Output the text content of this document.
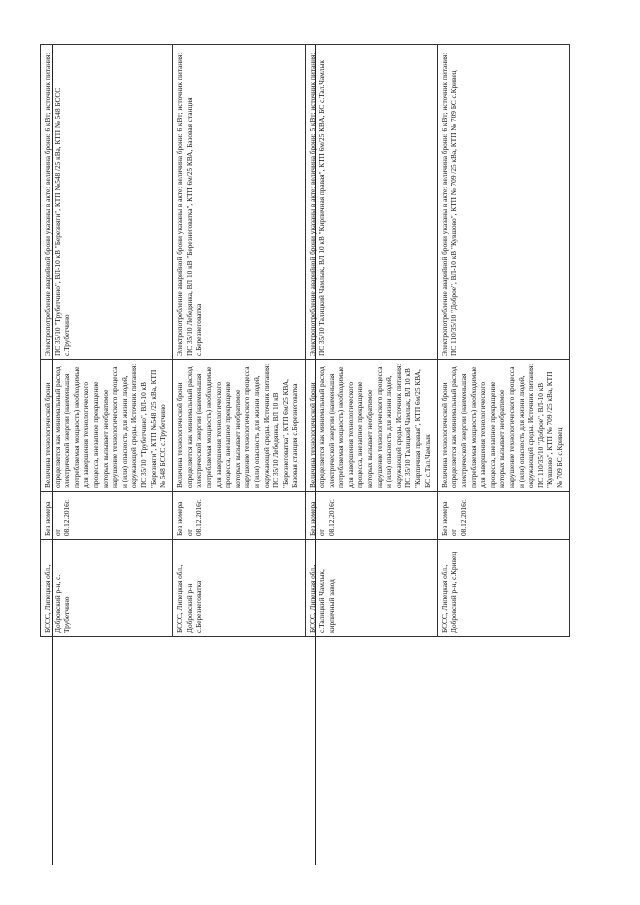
БССС, Липецкая обл., Добровский р-н, с. Трубетчино	Без номера от 08.12.2016г.	Величина технологической брони определяется как минимальный расход электрической энергии (наименьшая потребляемая мощность) необходимые для завершения технологического процесса, внезапное прекращение которых вызывает необратимое нарушение технологического процесса и (или) опасность для жизни людей, окружающей среды. Источник питания: ПС 35/10 "Трубетчино", ВЛ-10 кВ "Березняги", КТП №548 /25 кВа, КТП № 548 БССС с.Трубетчино	Электропотребление аварийной брони указаны в акте: величина брони: 6 кВт; источник питания: ПС 35/10 "Трубетчино", ВЛ-10 кВ "Березняги", КТП №548 /25 кВа, КТП № 548 БССС с.Трубетчино
БССС, Липецкая обл., Добровский р-н с.Березнеговатка	Без номера от 08.12.2016г.	Величина технологической брони определяется как минимальный расход электрической энергии (наименьшая потребляемая мощность) необходимые для завершения технологического процесса, внезапное прекращение которых вызывает необратимое нарушение технологического процесса и (или) опасность для жизни людей, окружающей среды. Источник питания: ПС 35/10 Лебедянка, ВЛ 10 кВ "Березнеговатка", КТП 6м/25 КВА, Базовая станция с.Березнеговатка	Электропотребление аварийной брони указаны в акте: величина брони: 6 кВт; источник питания: ПС 35/10 Лебедянка, ВЛ 10 кВ "Березнеговатка", КТП 6м/25 КВА, Базовая станция с.Березнеговатка
БССС, Липецкая обл., с.Талицкий Чамлык, кирпичный завод	Без номера от 08.12.2016г.	Величина технологической брони определяется как минимальный расход электрической энергии (наименьшая потребляемая мощность) необходимые для завершения технологического процесса, внезапное прекращение которых вызывает необратимое нарушение технологического процесса и (или) опасность для жизни людей, окружающей среды. Источник питания: ПС 35/10 Талицкий Чамлык, ВЛ 10 кВ "Кирпичная правая", КТП 6м/25 КВА, БС с.Тал.Чамлык	Электропотребление аварийной брони указаны в акте: величина брони: 5 кВт; источник питания: ПС 35/10 Талицкий Чамлык, ВЛ 10 кВ "Кирпичная правая", КТП 6м/25 КВА, БС с.Тал.Чамлык
БССС, Липецкая обл., Добровский р-н, с.Кривец	Без номера от 08.12.2016г.	Величина технологической брони определяется как минимальный расход электрической энергии (наименьшая потребляемая мощность) необходимые для завершения технологического процесса, внезапное прекращение которых вызывает необратимое нарушение технологического процесса и (или) опасность для жизни людей, окружающей среды. Источник питания: ПС 110/35/10 "Доброе", ВЛ-10 кВ "Кувшово", КТП № 709 /25 кВа, КТП № 709 БС с.Кривец	Электропотребление аварийной брони указаны в акте: величина брони: 6 кВт; источник питания: ПС 110/35/10 "Доброе", ВЛ-10 кВ "Кувшово", КТП № 709 /25 кВа, КТП № 709 БС с.Кривец
